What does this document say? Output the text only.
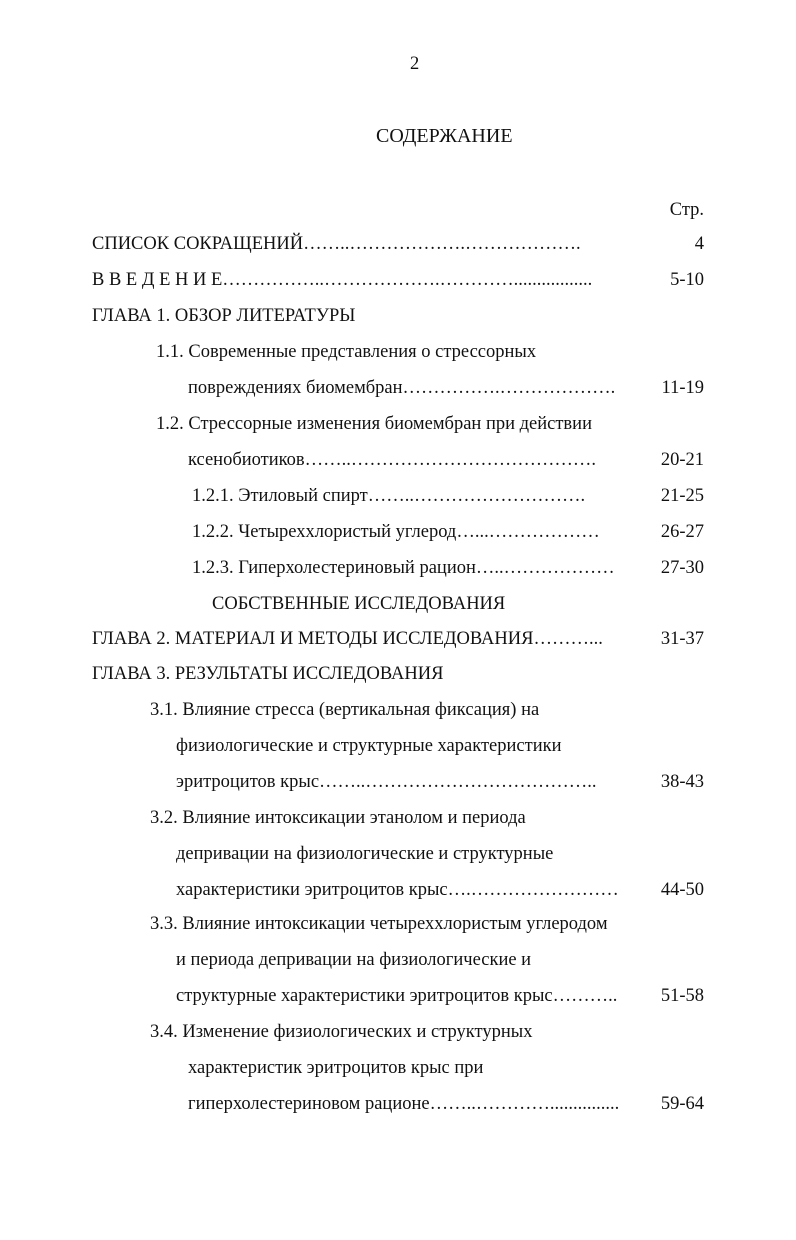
2
СОДЕРЖАНИЕ
Стр.
СПИСОК СОКРАЩЕНИЙ……..……………….……………….	4
В В Е Д Е Н И Е……………..……………….………….................	5-10
ГЛАВА 1. ОБЗОР ЛИТЕРАТУРЫ
1.1. Современные представления о стрессорных
повреждениях биомембран…………….……………….	11-19
1.2. Стрессорные изменения биомембран при действии
ксенобиотиков……..………………………………….	20-21
1.2.1. Этиловый спирт……..……………………….	21-25
1.2.2. Четыреххлористый углерод…...………………	26-27
1.2.3. Гиперхолестериновый рацион…..………………	27-30
СОБСТВЕННЫЕ ИССЛЕДОВАНИЯ
ГЛАВА 2. МАТЕРИАЛ И МЕТОДЫ ИССЛЕДОВАНИЯ………...	31-37
ГЛАВА 3. РЕЗУЛЬТАТЫ ИССЛЕДОВАНИЯ
3.1. Влияние стресса (вертикальная фиксация) на
физиологические и структурные характеристики
эритроцитов крыс……..………………………………..	38-43
3.2. Влияние интоксикации этанолом и периода
депривации на физиологические и структурные
характеристики эритроцитов крыс….……………………	44-50
3.3. Влияние интоксикации четыреххлористым углеродом
и периода депривации на физиологические и
структурные характеристики эритроцитов крыс………..	51-58
3.4. Изменение физиологических и структурных
характеристик эритроцитов крыс при
гиперхолестериновом рационе……..…………...............	59-64
